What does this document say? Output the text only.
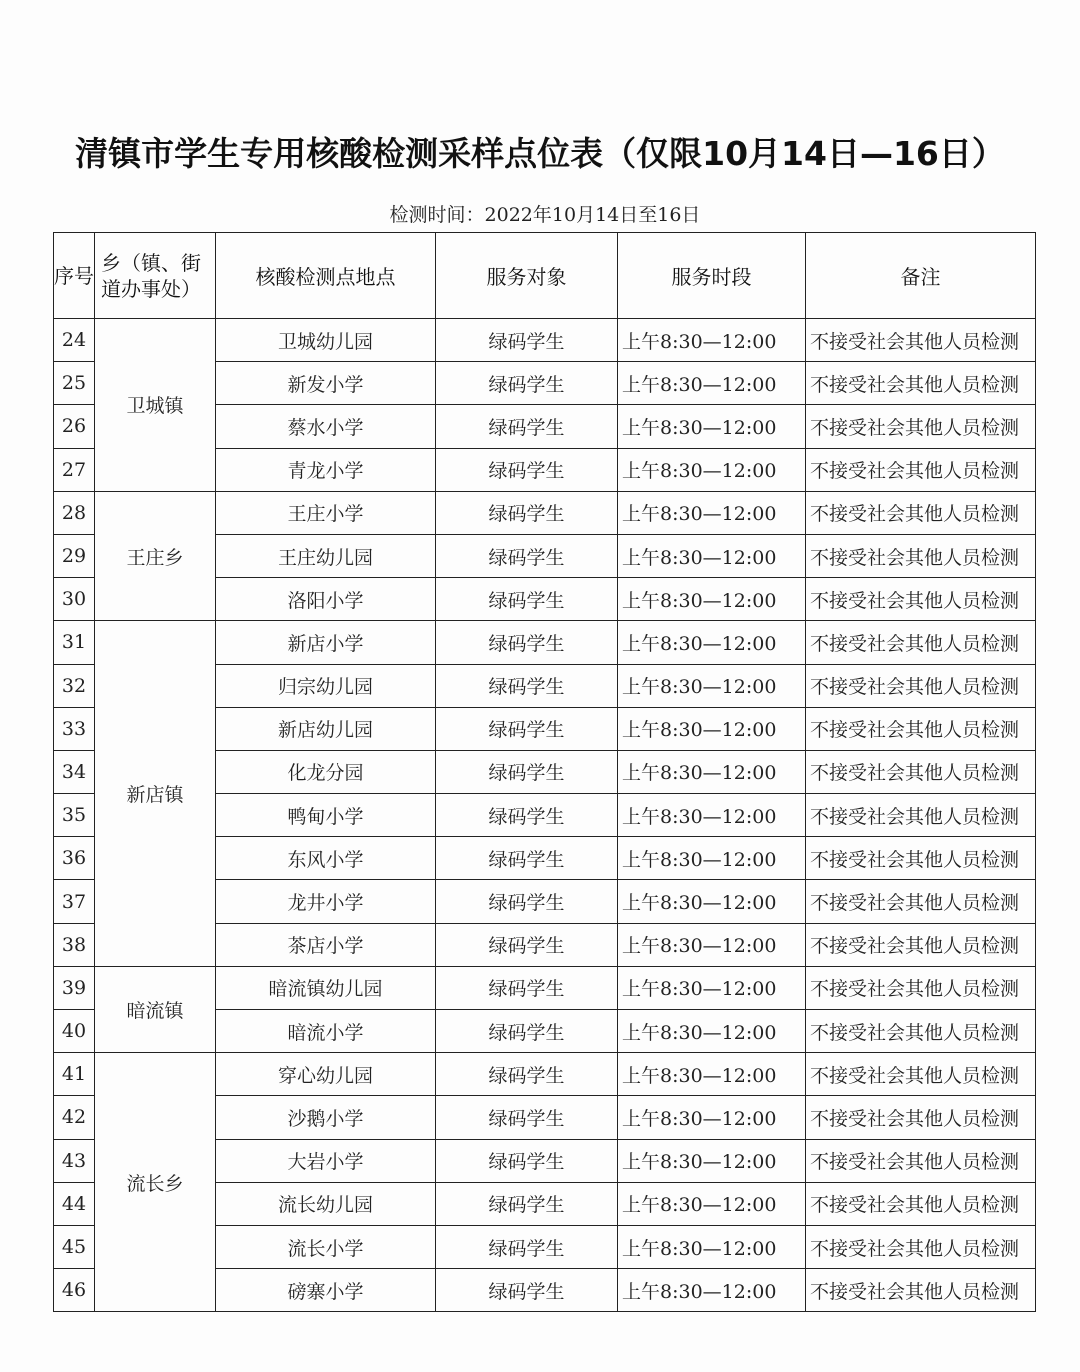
清镇市学生专用核酸检测采样点位表（仅限10月14日—16日）
检测时间：2022年10月14日至16日
序号	乡（镇、街道办事处）	核酸检测点地点	服务对象	服务时段	备注
24	卫城镇	卫城幼儿园	绿码学生	上午8:30—12:00	不接受社会其他人员检测
25		新发小学	绿码学生	上午8:30—12:00	不接受社会其他人员检测
26		蔡水小学	绿码学生	上午8:30—12:00	不接受社会其他人员检测
27		青龙小学	绿码学生	上午8:30—12:00	不接受社会其他人员检测
28	王庄乡	王庄小学	绿码学生	上午8:30—12:00	不接受社会其他人员检测
29		王庄幼儿园	绿码学生	上午8:30—12:00	不接受社会其他人员检测
30		洛阳小学	绿码学生	上午8:30—12:00	不接受社会其他人员检测
31	新店镇	新店小学	绿码学生	上午8:30—12:00	不接受社会其他人员检测
32		归宗幼儿园	绿码学生	上午8:30—12:00	不接受社会其他人员检测
33		新店幼儿园	绿码学生	上午8:30—12:00	不接受社会其他人员检测
34		化龙分园	绿码学生	上午8:30—12:00	不接受社会其他人员检测
35		鸭甸小学	绿码学生	上午8:30—12:00	不接受社会其他人员检测
36		东风小学	绿码学生	上午8:30—12:00	不接受社会其他人员检测
37		龙井小学	绿码学生	上午8:30—12:00	不接受社会其他人员检测
38		茶店小学	绿码学生	上午8:30—12:00	不接受社会其他人员检测
39	暗流镇	暗流镇幼儿园	绿码学生	上午8:30—12:00	不接受社会其他人员检测
40		暗流小学	绿码学生	上午8:30—12:00	不接受社会其他人员检测
41	流长乡	穿心幼儿园	绿码学生	上午8:30—12:00	不接受社会其他人员检测
42		沙鹅小学	绿码学生	上午8:30—12:00	不接受社会其他人员检测
43		大岩小学	绿码学生	上午8:30—12:00	不接受社会其他人员检测
44		流长幼儿园	绿码学生	上午8:30—12:00	不接受社会其他人员检测
45		流长小学	绿码学生	上午8:30—12:00	不接受社会其他人员检测
46		磅寨小学	绿码学生	上午8:30—12:00	不接受社会其他人员检测
